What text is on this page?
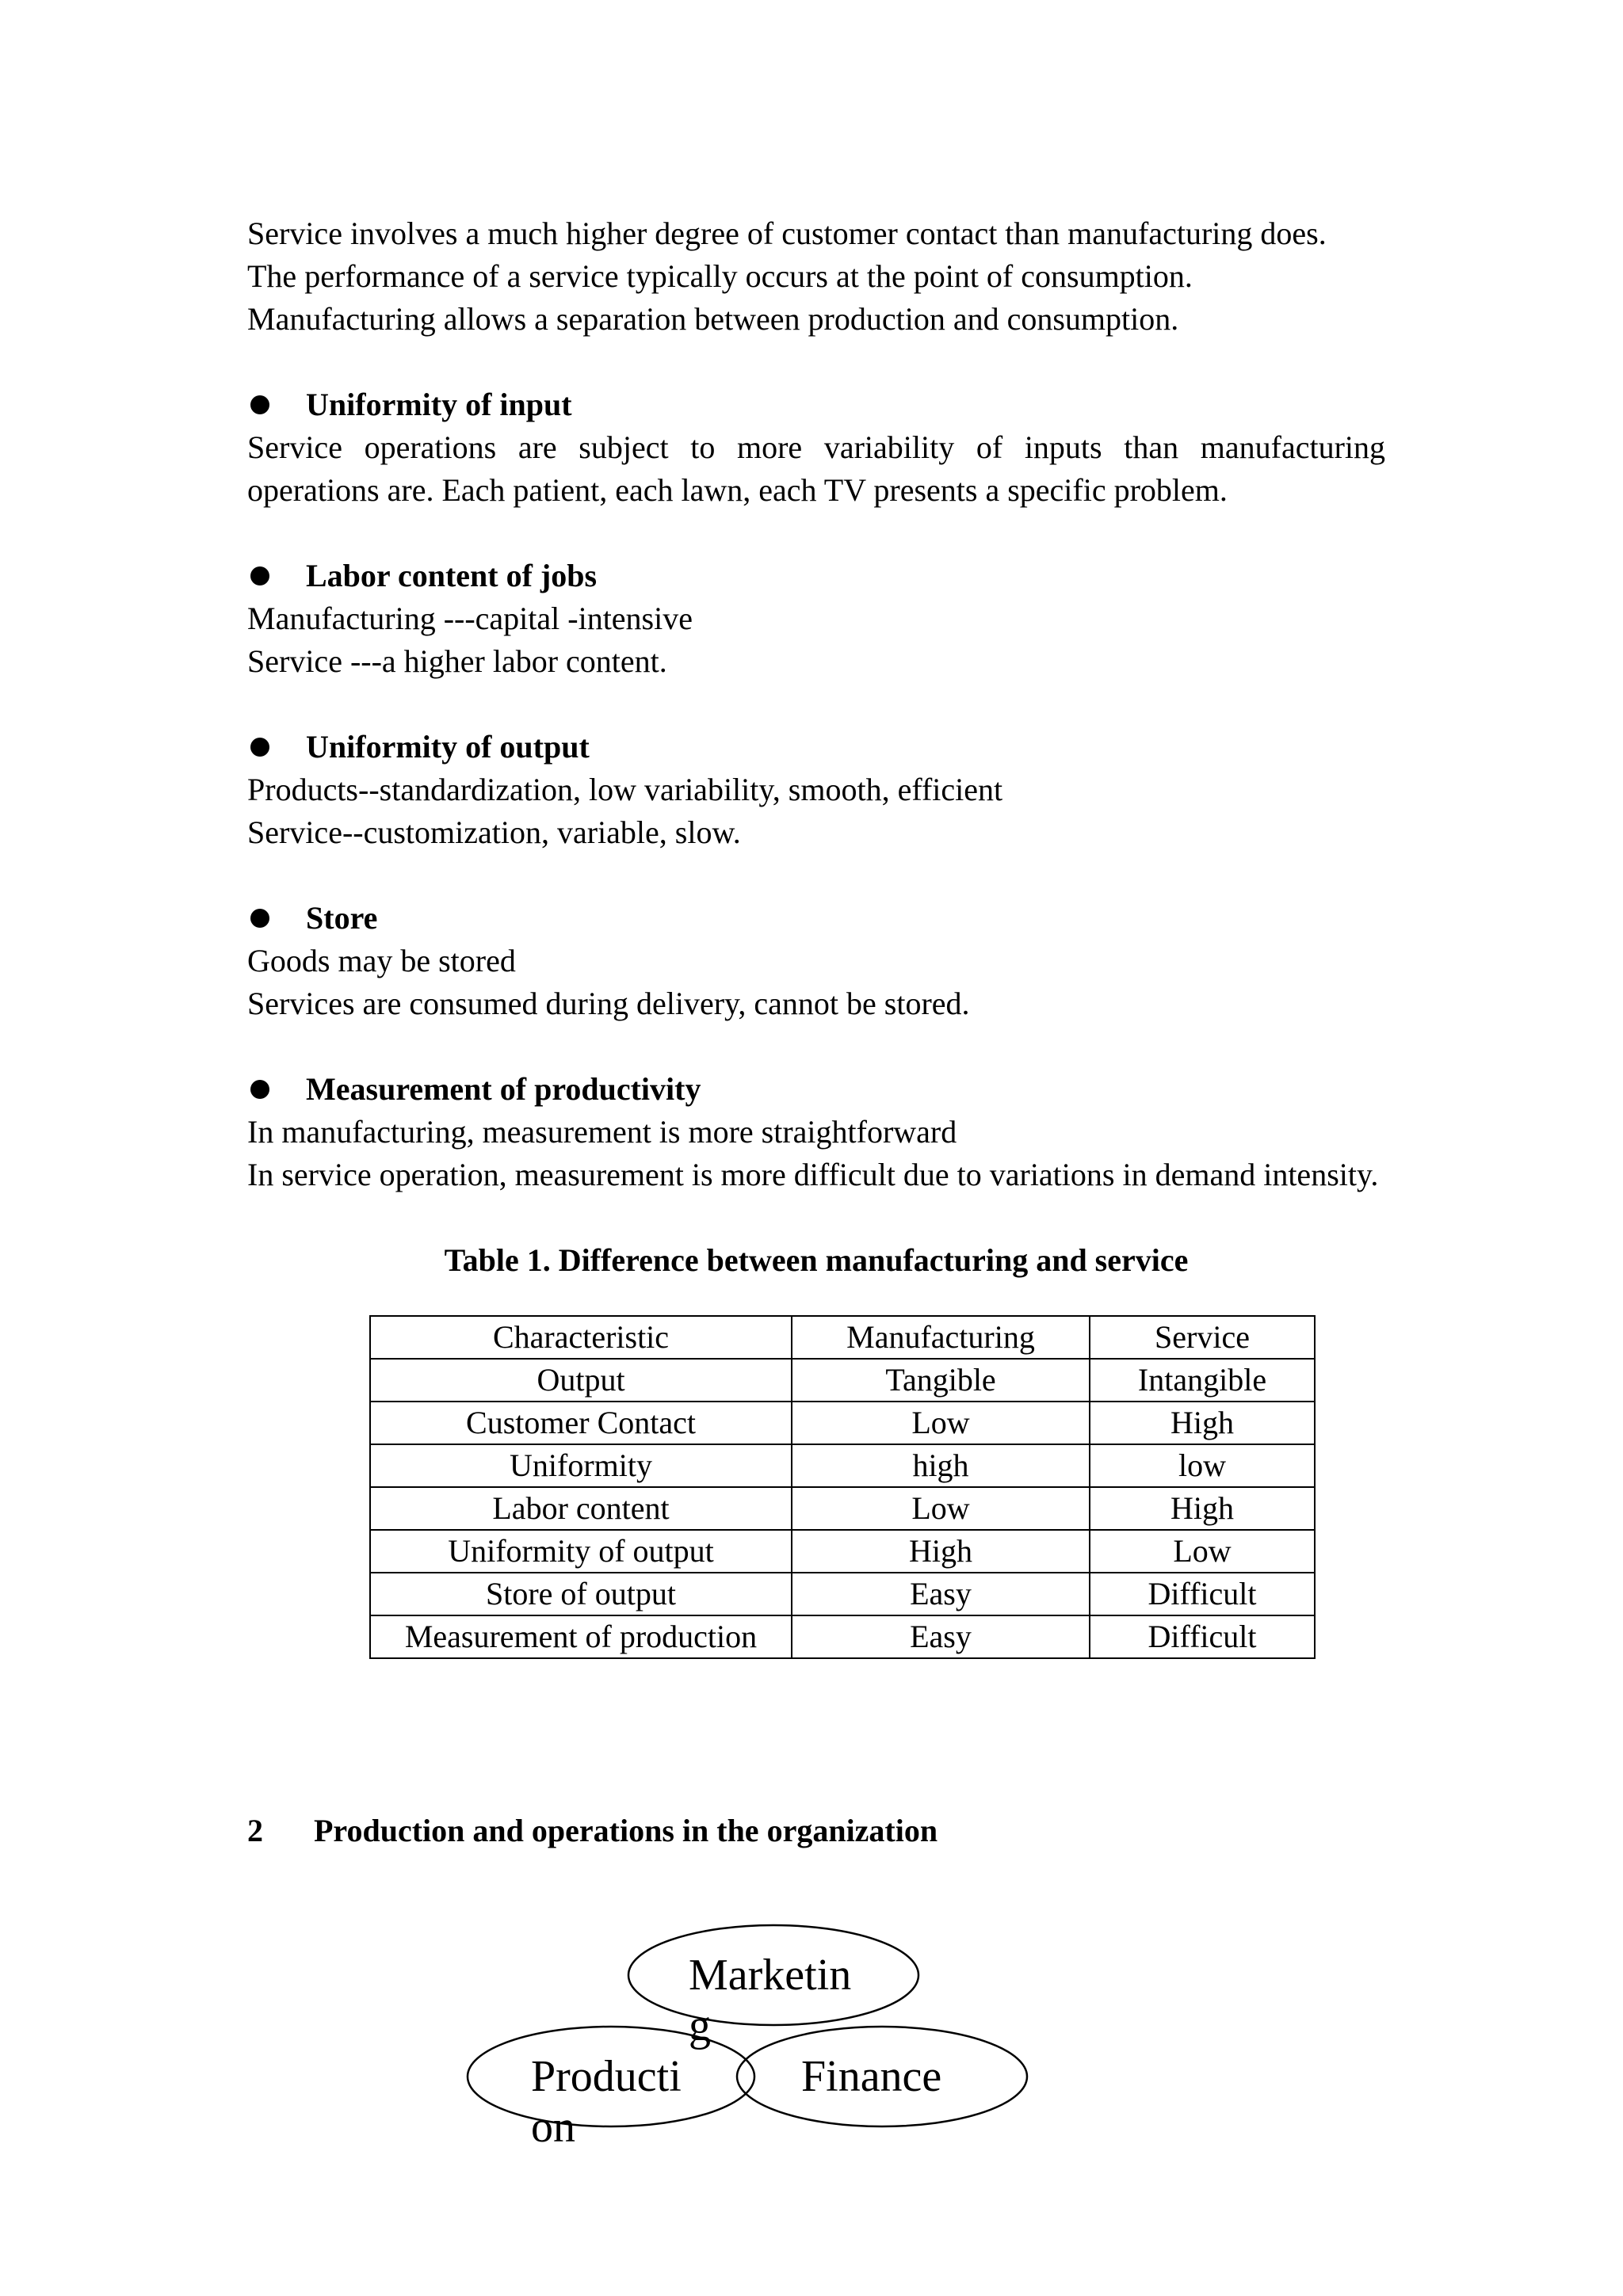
Service involves a much higher degree of customer contact than manufacturing does.

The performance of a service typically occurs at the point of consumption.

Manufacturing allows a separation between production and consumption.

Uniformity of input

Service operations are subject to more variability of inputs than manufacturing operations are. Each patient, each lawn, each TV presents a specific problem.

Labor content of jobs

Manufacturing ---capital -intensive

Service ---a higher labor content.

Uniformity of output

Products--standardization, low variability, smooth, efficient

Service--customization, variable, slow.

Store

Goods may be stored

Services are consumed during delivery, cannot be stored.

Measurement of productivity

In manufacturing, measurement is more straightforward

In service operation, measurement is more difficult due to variations in demand intensity.

Table 1. Difference between manufacturing and service

Characteristic	Manufacturing	Service
Output	Tangible	Intangible
Customer Contact	Low	High
Uniformity	high	low
Labor content	Low	High
Uniformity of output	High	Low
Store of output	Easy	Difficult
Measurement of production	Easy	Difficult
2	Production and operations in the organization
Marketin
g
Producti
on
Finance
